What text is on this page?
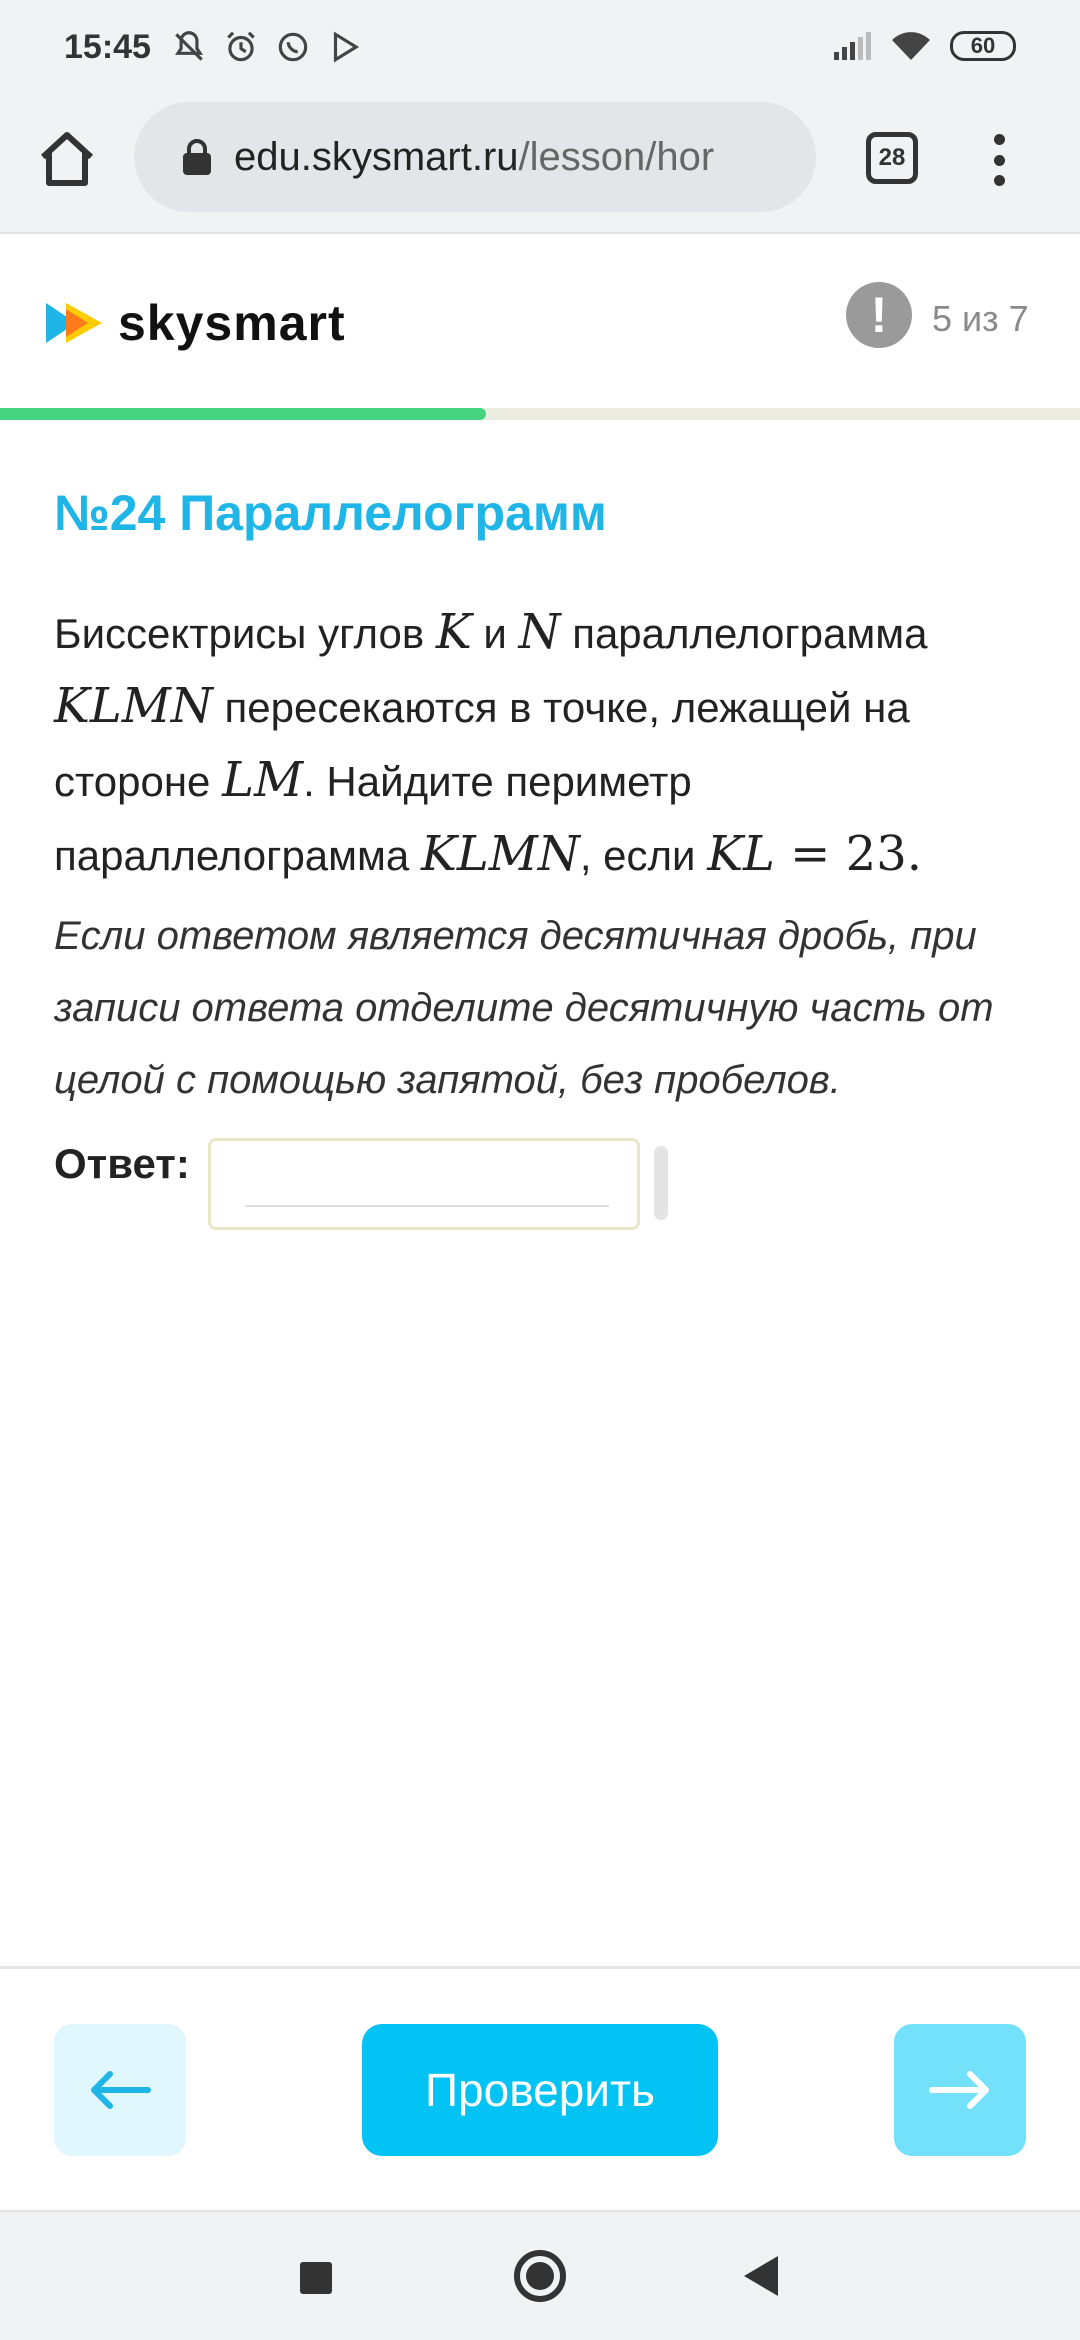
15:45	60
edu.skysmart.ru/lesson/hor	28
skysmart	!	5 из 7
№24 Параллелограмм
Биссектрисы углов K и N параллелограмма
KLMN пересекаются в точке, лежащей на стороне LM. Найдите периметр параллелограмма KLMN, если KL = 23.
Если ответом является десятичная дробь, при записи ответа отделите десятичную часть от целой с помощью запятой, без пробелов.
Ответ:
Проверить
